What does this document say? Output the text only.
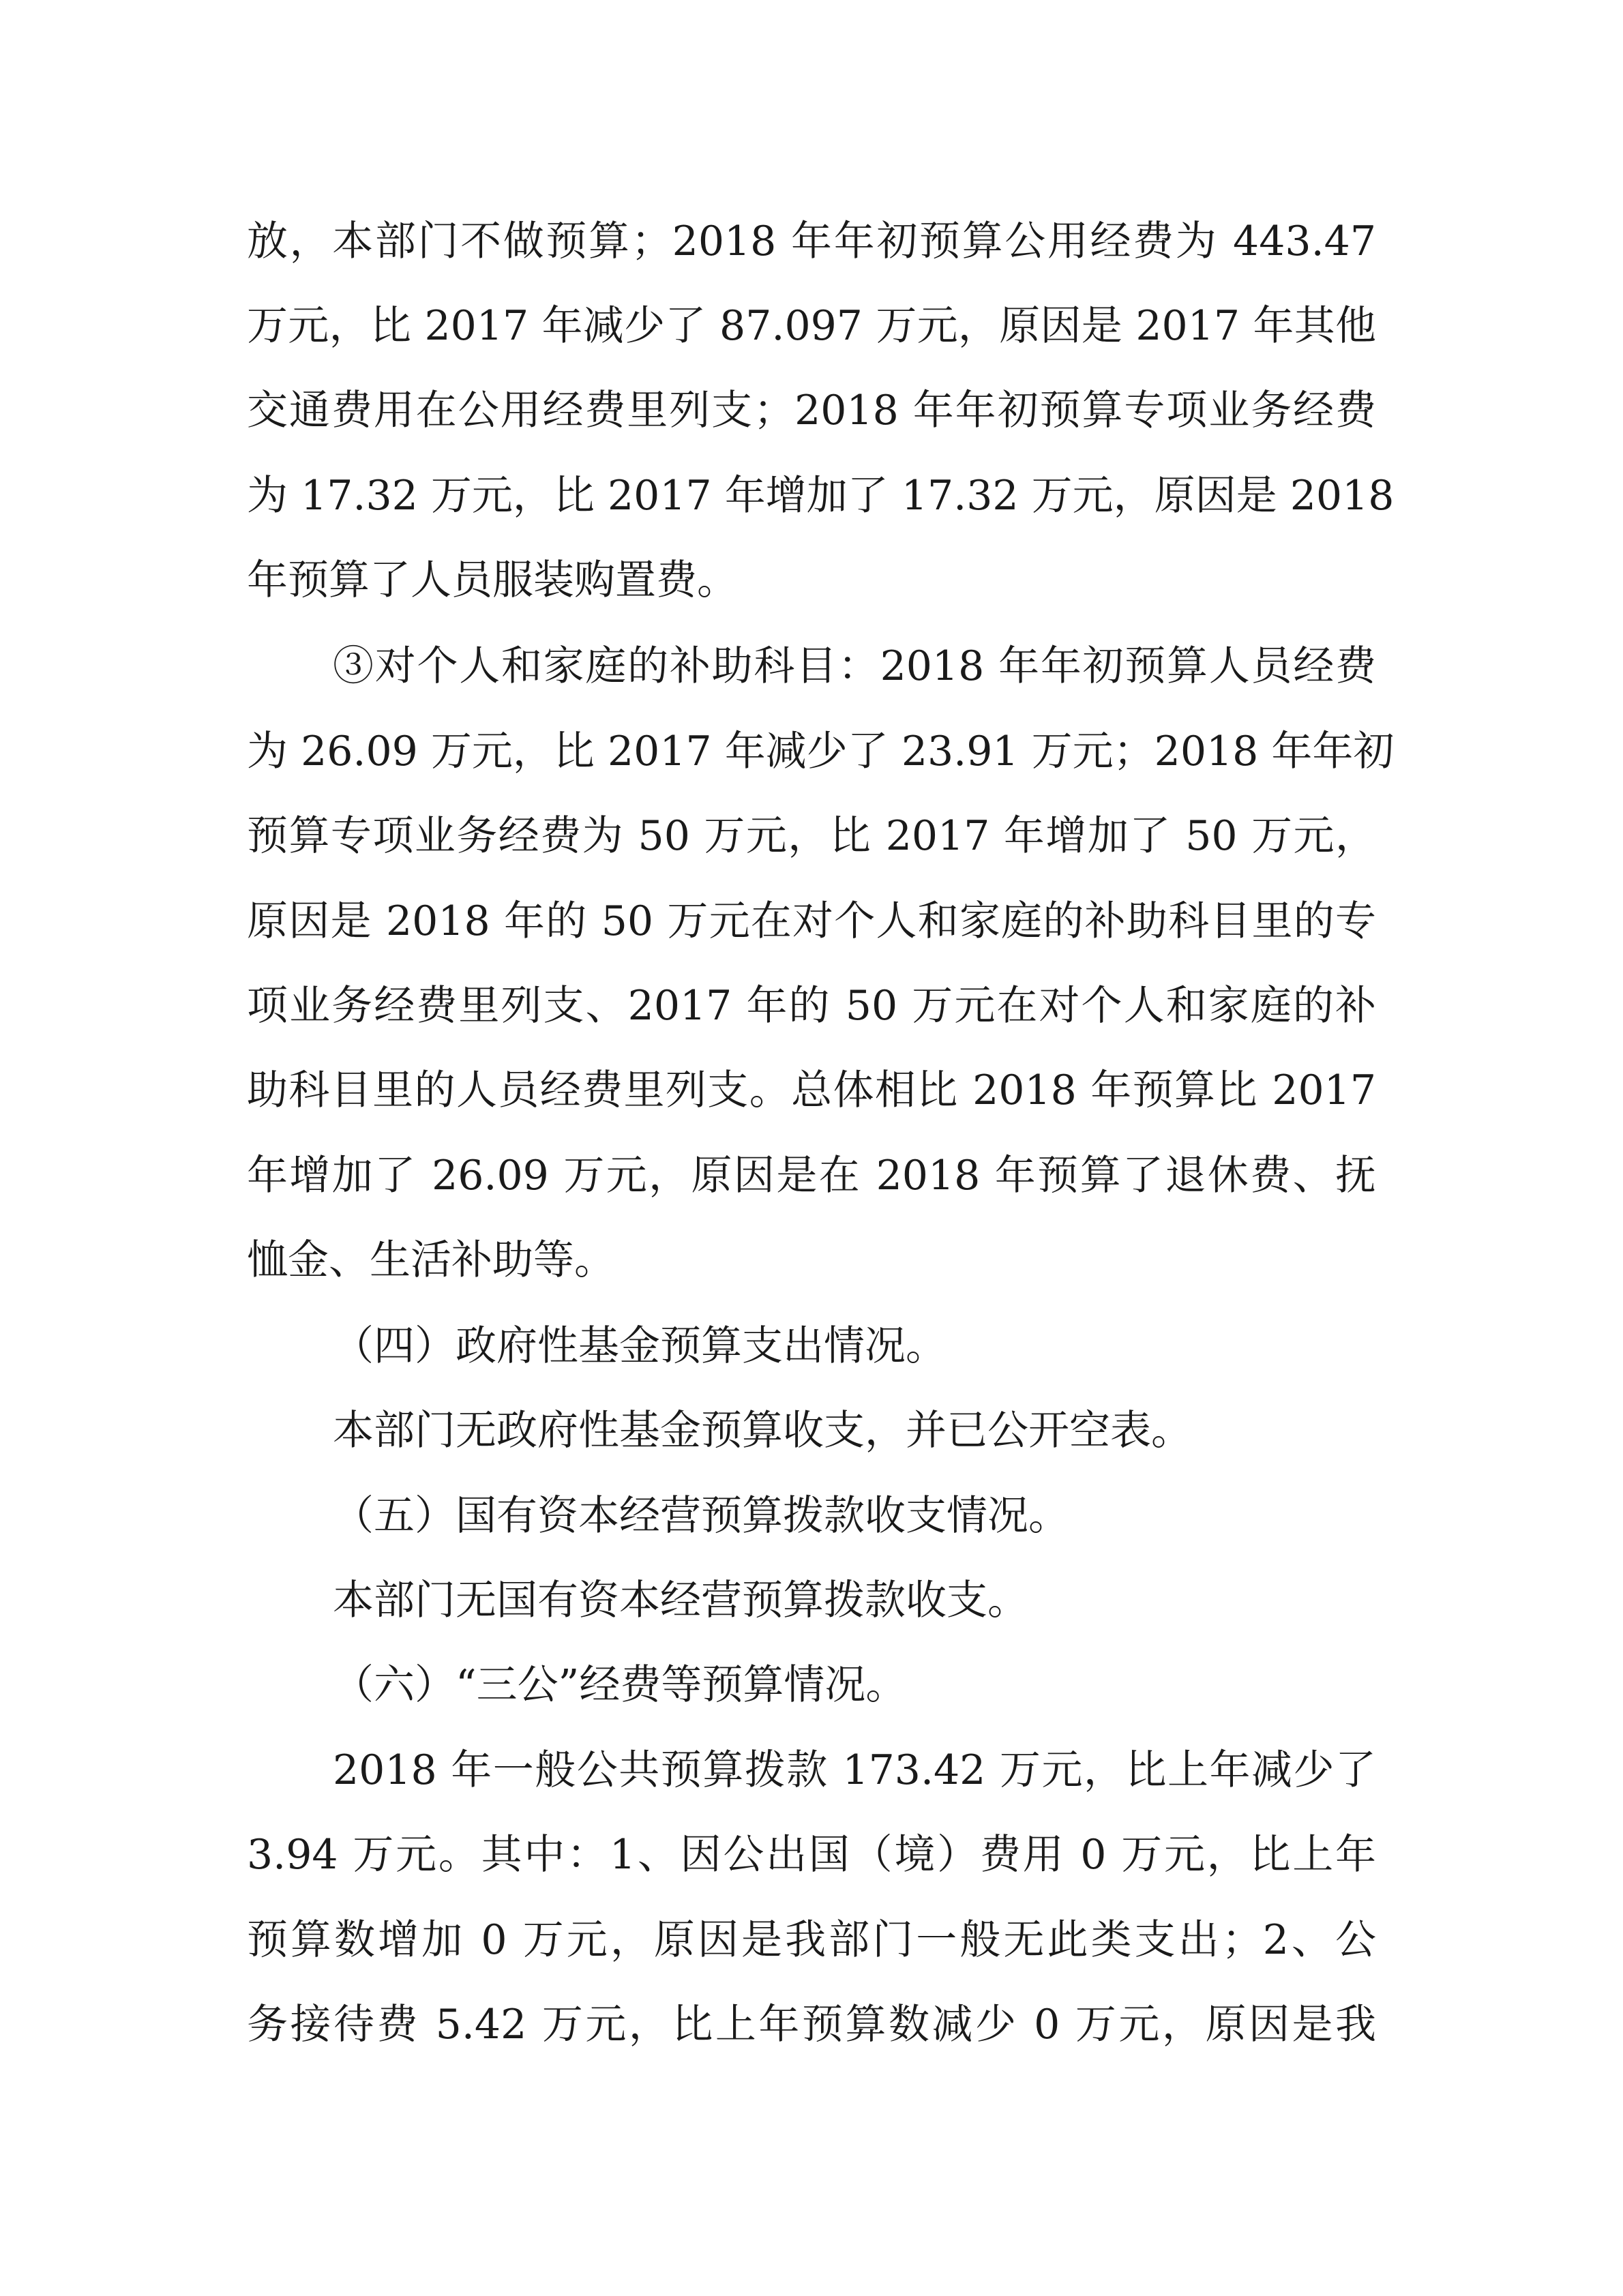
放，本部门不做预算；2018 年年初预算公用经费为 443.47
万元，比 2017 年减少了 87.097 万元，原因是 2017 年其他
交通费用在公用经费里列支；2018 年年初预算专项业务经费
为 17.32 万元，比 2017 年增加了 17.32 万元，原因是 2018
年预算了人员服装购置费。
③对个人和家庭的补助科目：2018 年年初预算人员经费
为 26.09 万元，比 2017 年减少了 23.91 万元；2018 年年初
预算专项业务经费为 50 万元，比 2017 年增加了 50 万元，
原因是 2018 年的 50 万元在对个人和家庭的补助科目里的专
项业务经费里列支、2017 年的 50 万元在对个人和家庭的补
助科目里的人员经费里列支。总体相比 2018 年预算比 2017
年增加了 26.09 万元，原因是在 2018 年预算了退休费、抚
恤金、生活补助等。
（四）政府性基金预算支出情况。
本部门无政府性基金预算收支，并已公开空表。
（五）国有资本经营预算拨款收支情况。
本部门无国有资本经营预算拨款收支。
（六）“三公”经费等预算情况。
2018 年一般公共预算拨款 173.42 万元，比上年减少了
3.94 万元。其中：1、因公出国（境）费用 0 万元，比上年
预算数增加 0 万元，原因是我部门一般无此类支出；2、公
务接待费 5.42 万元，比上年预算数减少 0 万元，原因是我
